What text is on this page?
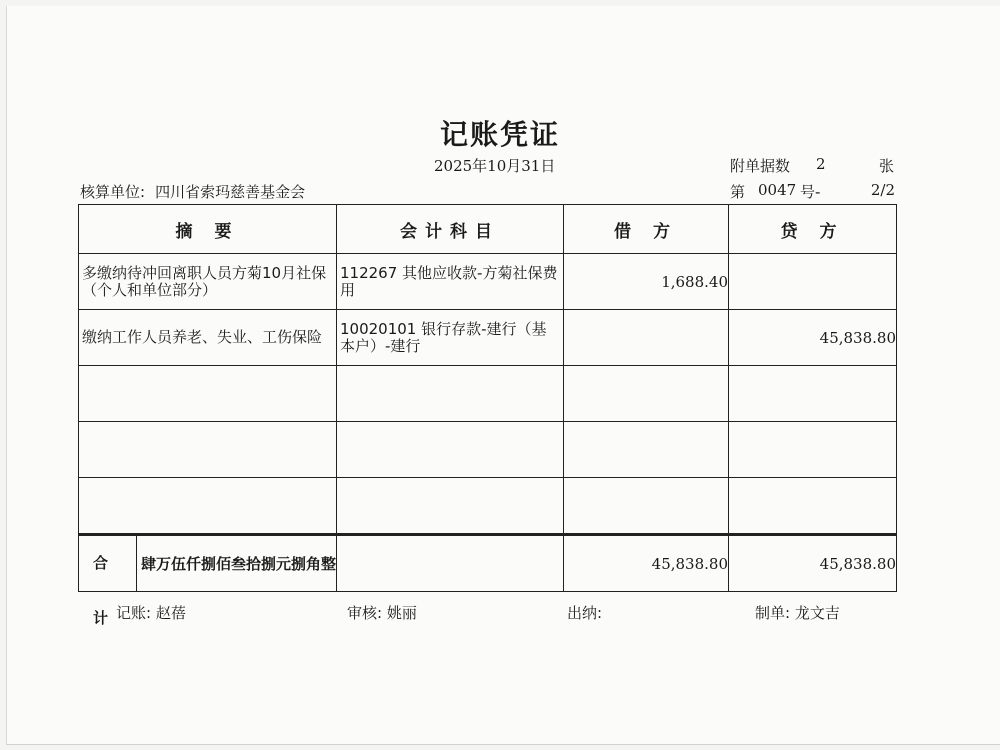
记账凭证
2025年10月31日	附单据数	2	张
核算单位: 四川省索玛慈善基金会	第 0047 号-	2/2
摘 要	会计科目	借 方	贷 方

多缴纳待冲回离职人员方菊10月社保（个人和单位部分）	112267 其他应收款-方菊社保费用	1,688.40	

缴纳工作人员养老、失业、工伤保险	10020101 银行存款-建行（基本户）-建行		45,838.80

合 计
肆万伍仟捌佰叁拾捌元捌角整		45,838.80	45,838.80
记账: 赵蓓	审核: 姚丽	出纳:	制单: 龙文吉
